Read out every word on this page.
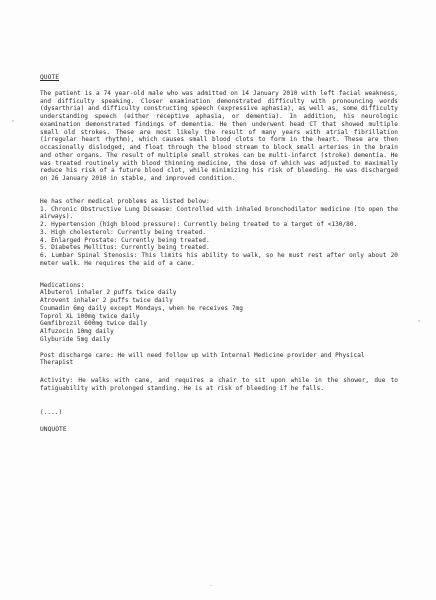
QUOTE
The patient is a 74 year-old male who was admitted on 14 January 2010 with left facial weakness, and difficulty speaking. Closer examination demonstrated difficulty with pronouncing words (dysarthria) and difficulty constructing speech (expressive aphasia), as well as, some difficulty understanding speech (either receptive aphasia, or dementia). In addition, his neurologic examination demonstrated findings of dementia. He then underwent head CT that showed multiple small old strokes. These are most likely the result of many years with atrial fibrillation (irregular heart rhythm), which causes small blood clots to form in the heart. These are then occasionally dislodged, and float through the blood stream to block small arteries in the brain and other organs. The result of multiple small strokes can be multi-infarct (stroke) dementia. He was treated routinely with blood thinning medicine, the dose of which was adjusted to maximally reduce his risk of a future blood clot, while minimizing his risk of bleeding. He was discharged on 26 January 2010 in stable, and improved condition.
He has other medical problems as listed below:
1. Chronic Obstructive Lung Disease: Controlled with inhaled bronchodilator medicine (to open the airways).
2. Hypertension (high blood pressure): Currently being treated to a target of <130/80.
3. High cholesterol: Currently being treated.
4. Enlarged Prostate: Currently being treated.
5. Diabetes Mellitus: Currently being treated.
6. Lumbar Spinal Stenosis: This limits his ability to walk, so he must rest after only about 20 meter walk. He requires the aid of a cane.
Medications:
Albuterol inhaler 2 puffs twice daily
Atrovent inhaler 2 puffs twice daily
Coumadin 6mg daily except Mondays, when he receives 7mg
Toprol XL 100mg twice daily
Gemfibrozil 600mg twice daily
Alfuzocin 10mg daily
Glyburide 5mg daily
Post discharge care: He will need follow up with Internal Medicine provider and Physical Therapist
Activity: He walks with cane, and requires a chair to sit upon while in the shower, due to fatiguability with prolonged standing. He is at risk of bleeding if he falls.
(....)
UNQUOTE
